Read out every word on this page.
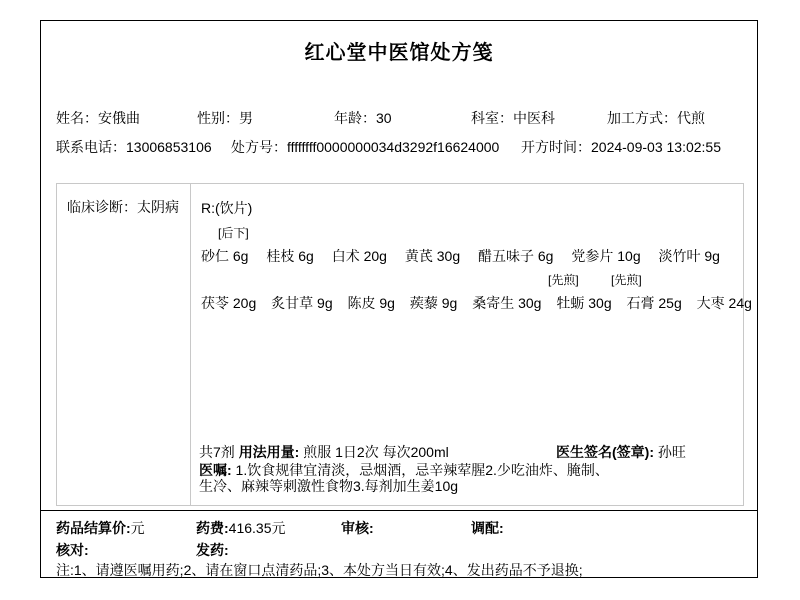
红心堂中医馆处方笺
姓名：安俄曲	性别：男	年龄：30	科室：中医科	加工方式：代煎
联系电话：13006853106 处方号：ffffffff0000000034d3292f16624000 开方时间：2024-09-03 13:02:55
临床诊断：太阴病	R:(饮片)
[后下]
砂仁 6g 桂枝 6g 白术 20g 黄芪 30g 醋五味子 6g 党参片 10g 淡竹叶 9g
[先煎]	[先煎]
茯苓 20g 炙甘草 9g 陈皮 9g 蒺藜 9g 桑寄生 30g 牡蛎 30g 石膏 25g 大枣 24g
共7剂 用法用量: 煎服 1日2次 每次200ml	医生签名(签章): 孙旺
医嘱: 1.饮食规律宜清淡，忌烟酒，忌辛辣荤腥2.少吃油炸、腌制、
生冷、麻辣等刺激性食物3.每剂加生姜10g
药品结算价:元	药费:416.35元	审核:	调配:
核对:	发药:
注:1、请遵医嘱用药;2、请在窗口点清药品;3、本处方当日有效;4、发出药品不予退换;
